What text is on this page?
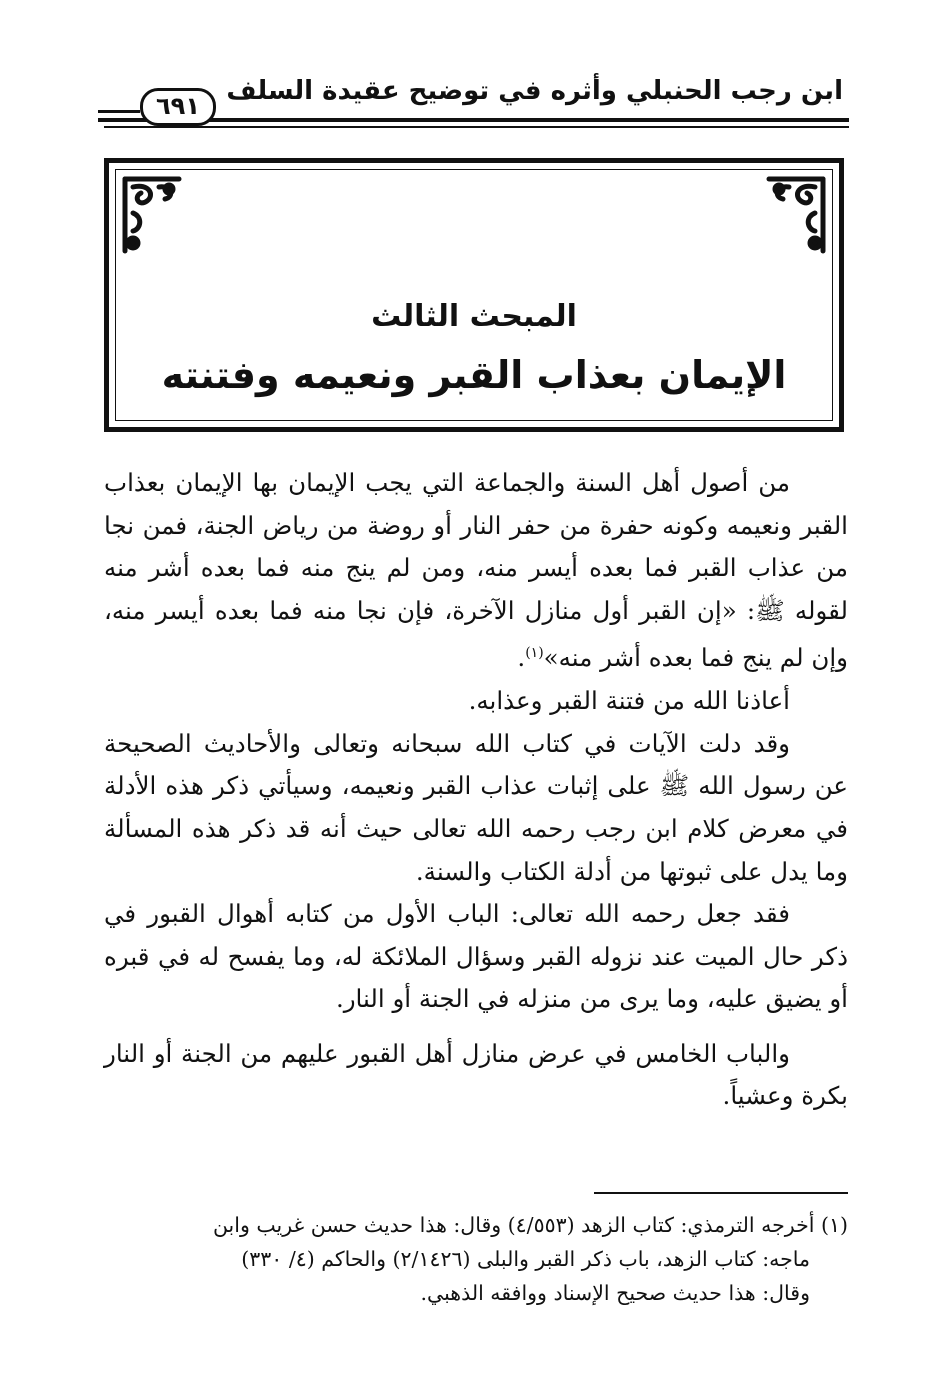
ابن رجب الحنبلي وأثره في توضيح عقيدة السلف
٦٩١
المبحث الثالث
الإيمان بعذاب القبر ونعيمه وفتنته

من أصول أهل السنة والجماعة التي يجب الإيمان بها الإيمان بعذاب القبر ونعيمه وكونه حفرة من حفر النار أو روضة من رياض الجنة، فمن نجا من عذاب القبر فما بعده أيسر منه، ومن لم ينج منه فما بعده أشر منه لقوله ﷺ: «إن القبر أول منازل الآخرة، فإن نجا منه فما بعده أيسر منه، وإن لم ينج فما بعده أشر منه»$^{(١)}$.

أعاذنا الله من فتنة القبر وعذابه.

وقد دلت الآيات في كتاب الله سبحانه وتعالى والأحاديث الصحيحة عن رسول الله ﷺ على إثبات عذاب القبر ونعيمه، وسيأتي ذكر هذه الأدلة في معرض كلام ابن رجب رحمه الله تعالى حيث أنه قد ذكر هذه المسألة وما يدل على ثبوتها من أدلة الكتاب والسنة.

فقد جعل رحمه الله تعالى: الباب الأول من كتابه أهوال القبور في ذكر حال الميت عند نزوله القبر وسؤال الملائكة له، وما يفسح له في قبره أو يضيق عليه، وما يرى من منزله في الجنة أو النار.

والباب الخامس في عرض منازل أهل القبور عليهم من الجنة أو النار بكرة وعشياً.

(١) أخرجه الترمذي: كتاب الزهد (٤/٥٥٣) وقال: هذا حديث حسن غريب وابن
ماجه: كتاب الزهد، باب ذكر القبر والبلى (٢/١٤٢٦) والحاكم (٤/ ٣٣٠)
وقال: هذا حديث صحيح الإسناد ووافقه الذهبي.
